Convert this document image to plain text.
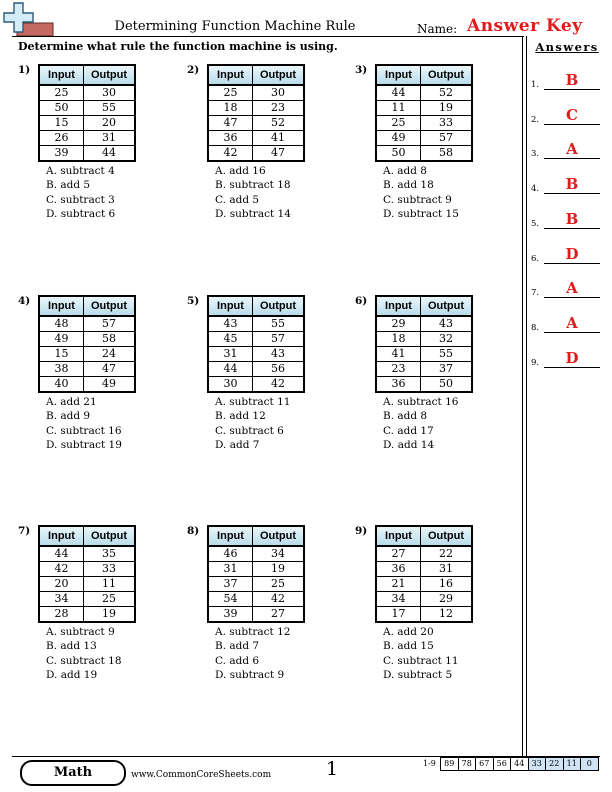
Determining Function Machine Rule	Name: Answer Key
Determine what rule the function machine is using.
1) Input	Output
25	30
50	55
15	20
26	31
39	44
A. subtract 4
B. add 5
C. subtract 3
D. subtract 6
2) Input	Output
25	30
18	23
47	52
36	41
42	47
A. add 16
B. subtract 18
C. add 5
D. subtract 14
3) Input	Output
44	52
11	19
25	33
49	57
50	58
A. add 8
B. add 18
C. subtract 9
D. subtract 15
4) Input	Output
48	57
49	58
15	24
38	47
40	49
A. add 21
B. add 9
C. subtract 16
D. subtract 19
5) Input	Output
43	55
45	57
31	43
44	56
30	42
A. subtract 11
B. add 12
C. subtract 6
D. add 7
6) Input	Output
29	43
18	32
41	55
23	37
36	50
A. subtract 16
B. add 8
C. add 17
D. add 14
7) Input	Output
44	35
42	33
20	11
34	25
28	19
A. subtract 9
B. add 13
C. subtract 18
D. add 19
8) Input	Output
46	34
31	19
37	25
54	42
39	27
A. subtract 12
B. add 7
C. add 6
D. subtract 9
9) Input	Output
27	22
36	31
21	16
34	29
17	12
A. add 20
B. add 15
C. subtract 11
D. subtract 5
Answers
1.	B
2.	C
3.	A
4.	B
5.	B
6.	D
7.	A
8.	A
9.	D
Math	www.CommonCoreSheets.com	1	1-9	89 78 67 56 44 33 22 11	0
